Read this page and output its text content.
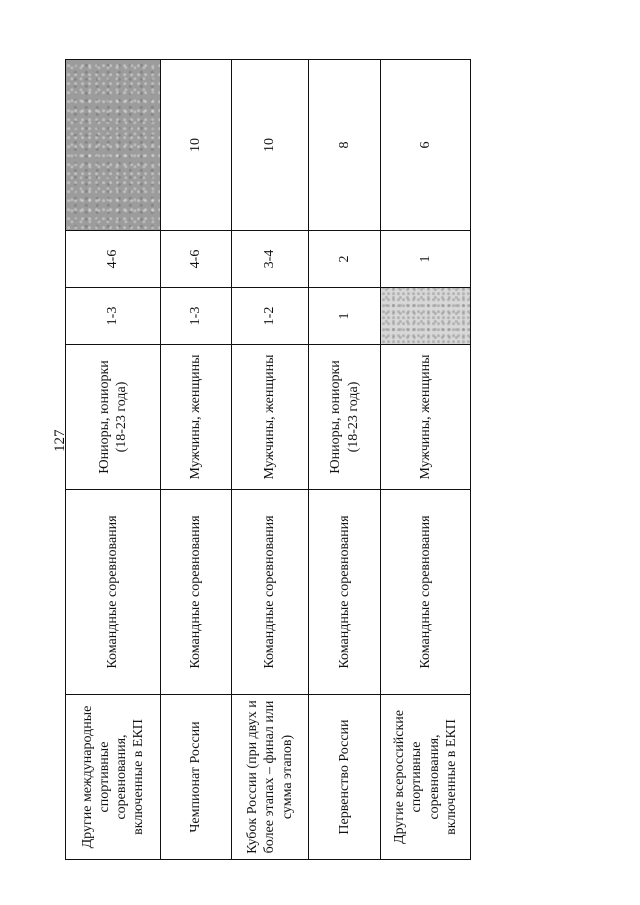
127
Другие международные спортивные соревнования, включенные в ЕКП	Командные соревнования	Юниоры, юниорки (18-23 года)	1-3	4-6	
Чемпионат России	Командные соревнования	Мужчины, женщины	1-3	4-6	10
Кубок России (при двух и более этапах – финал или сумма этапов)	Командные соревнования	Мужчины, женщины	1-2	3-4	10
Первенство России	Командные соревнования	Юниоры, юниорки (18-23 года)	1	2	8
Другие всероссийские спортивные соревнования, включенные в ЕКП	Командные соревнования	Мужчины, женщины		1	6
